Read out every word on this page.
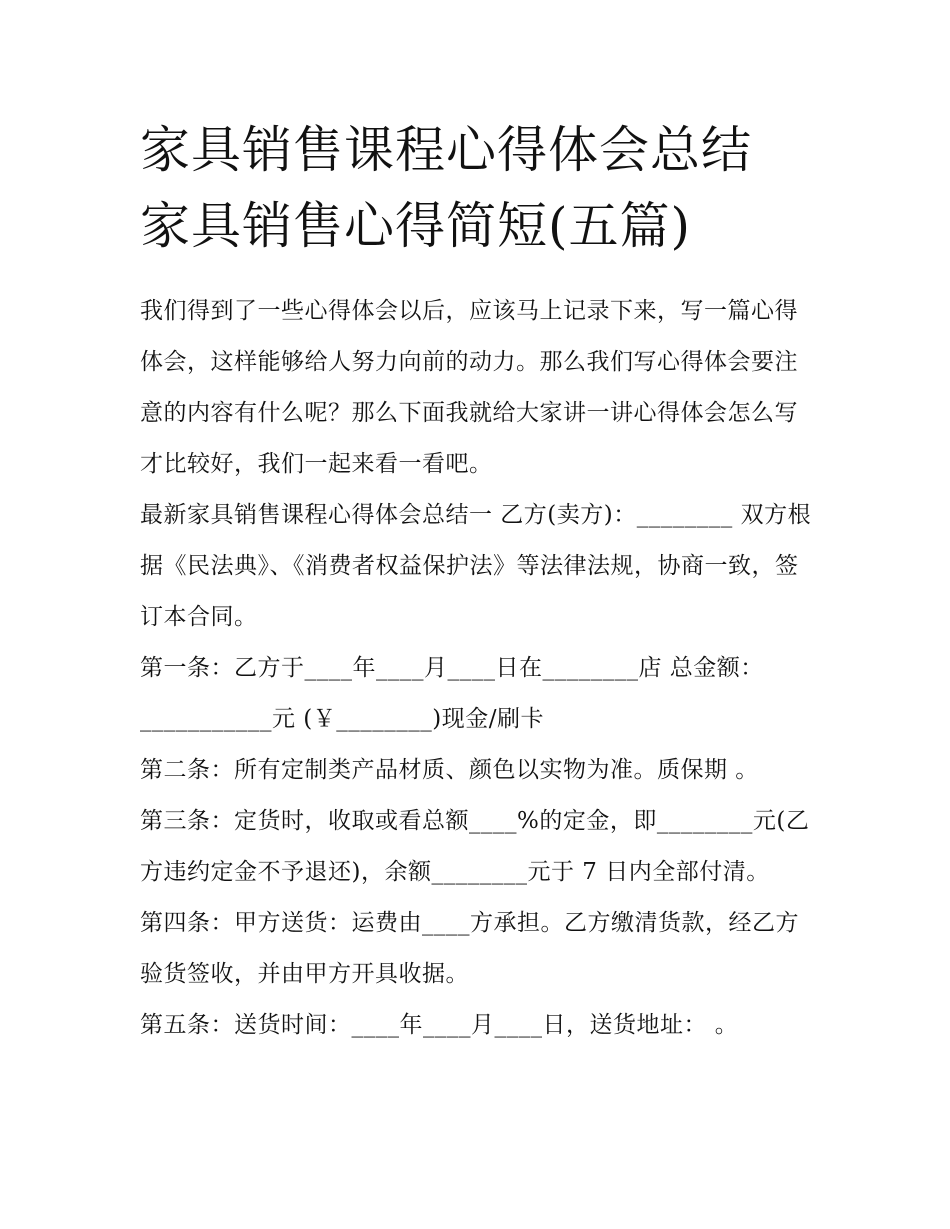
家具销售课程心得体会总结 家具销售心得简短(五篇)

我们得到了一些心得体会以后，应该马上记录下来，写一篇心得体会，这样能够给人努力向前的动力。那么我们写心得体会要注意的内容有什么呢？那么下面我就给大家讲一讲心得体会怎么写才比较好，我们一起来看一看吧。

最新家具销售课程心得体会总结一 乙方(卖方)：________ 双方根据《民法典》、《消费者权益保护法》等法律法规，协商一致，签订本合同。

第一条：乙方于____年____月____日在________店 总金额：___________元 (￥________)现金/刷卡

第二条：所有定制类产品材质、颜色以实物为准。质保期 。

第三条：定货时，收取或看总额____%的定金，即________元(乙方违约定金不予退还)，余额________元于 7 日内全部付清。

第四条：甲方送货：运费由____方承担。乙方缴清货款，经乙方验货签收，并由甲方开具收据。

第五条：送货时间：____年____月____日，送货地址： 。
